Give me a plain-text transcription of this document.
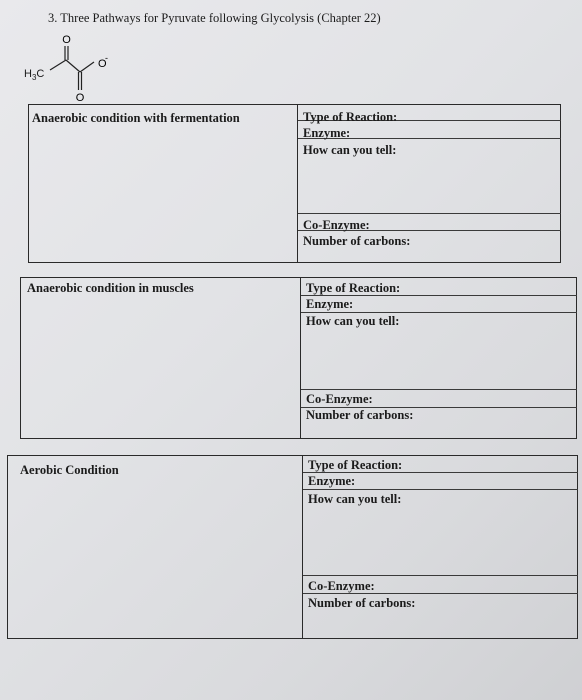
3. Three Pathways for Pyruvate following Glycolysis (Chapter 22)
$H_3C$
O
O
-
O
Anaerobic condition with fermentation	Type of Reaction:
Enzyme:
How can you tell:
Co-Enzyme:
Number of carbons:
Anaerobic condition in muscles	Type of Reaction:
Enzyme:
How can you tell:
Co-Enzyme:
Number of carbons:
Aerobic Condition	Type of Reaction:
Enzyme:
How can you tell:
Co-Enzyme:
Number of carbons:
